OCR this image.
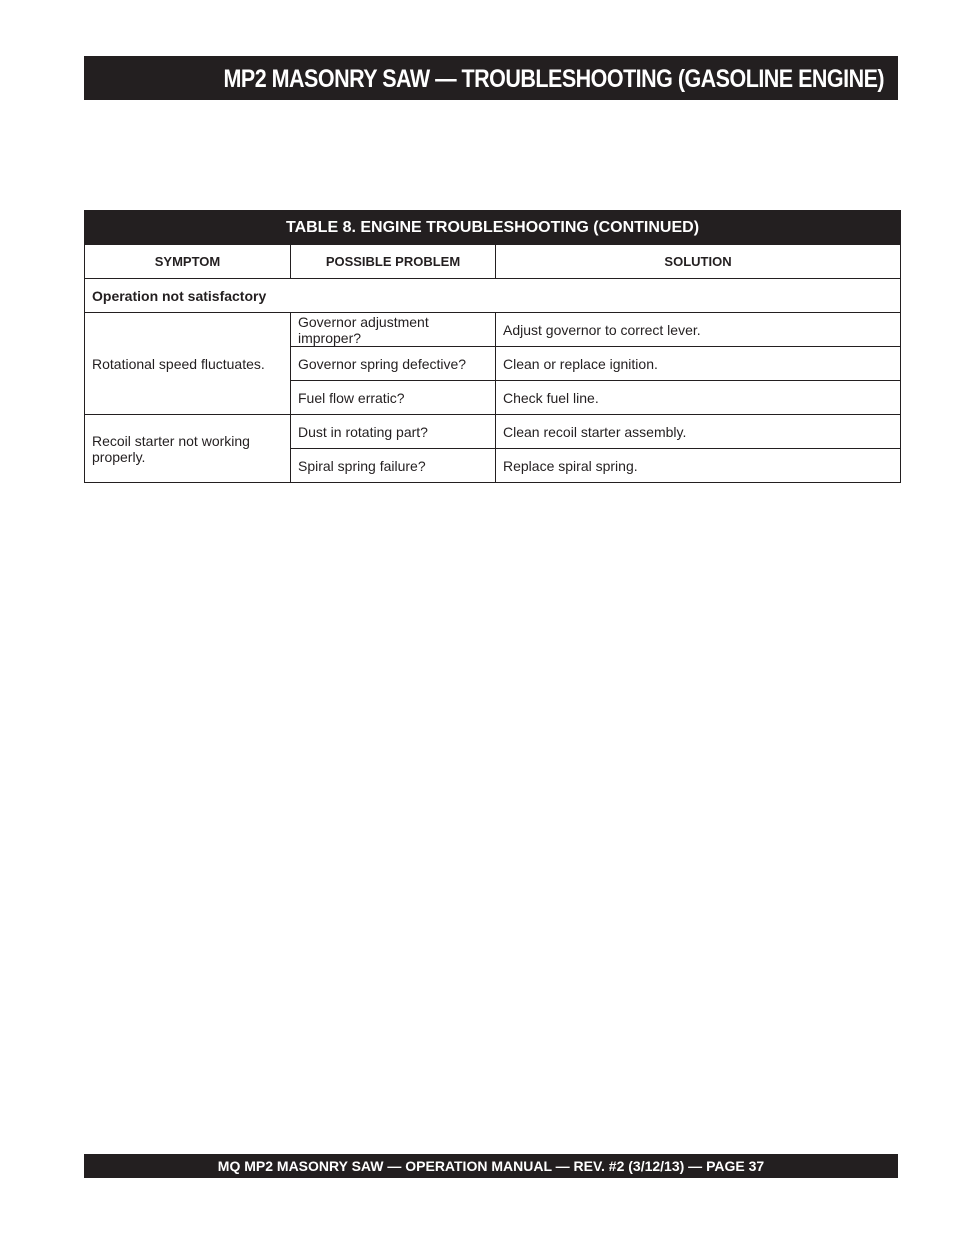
MP2 MASONRY SAW — TROUBLESHOOTING (GASOLINE ENGINE)
TABLE 8. ENGINE TROUBLESHOOTING (CONTINUED)		
SYMPTOM	POSSIBLE PROBLEM	SOLUTION
Operation not satisfactory		
Rotational speed fluctuates.	Governor adjustment improper?	Adjust governor to correct lever.
	Governor spring defective?	Clean or replace ignition.
	Fuel flow erratic?	Check fuel line.
Recoil starter not working properly.	Dust in rotating part?	Clean recoil starter assembly.
	Spiral spring failure?	Replace spiral spring.
MQ MP2 MASONRY SAW — OPERATION MANUAL — REV. #2 (3/12/13) — PAGE 37
